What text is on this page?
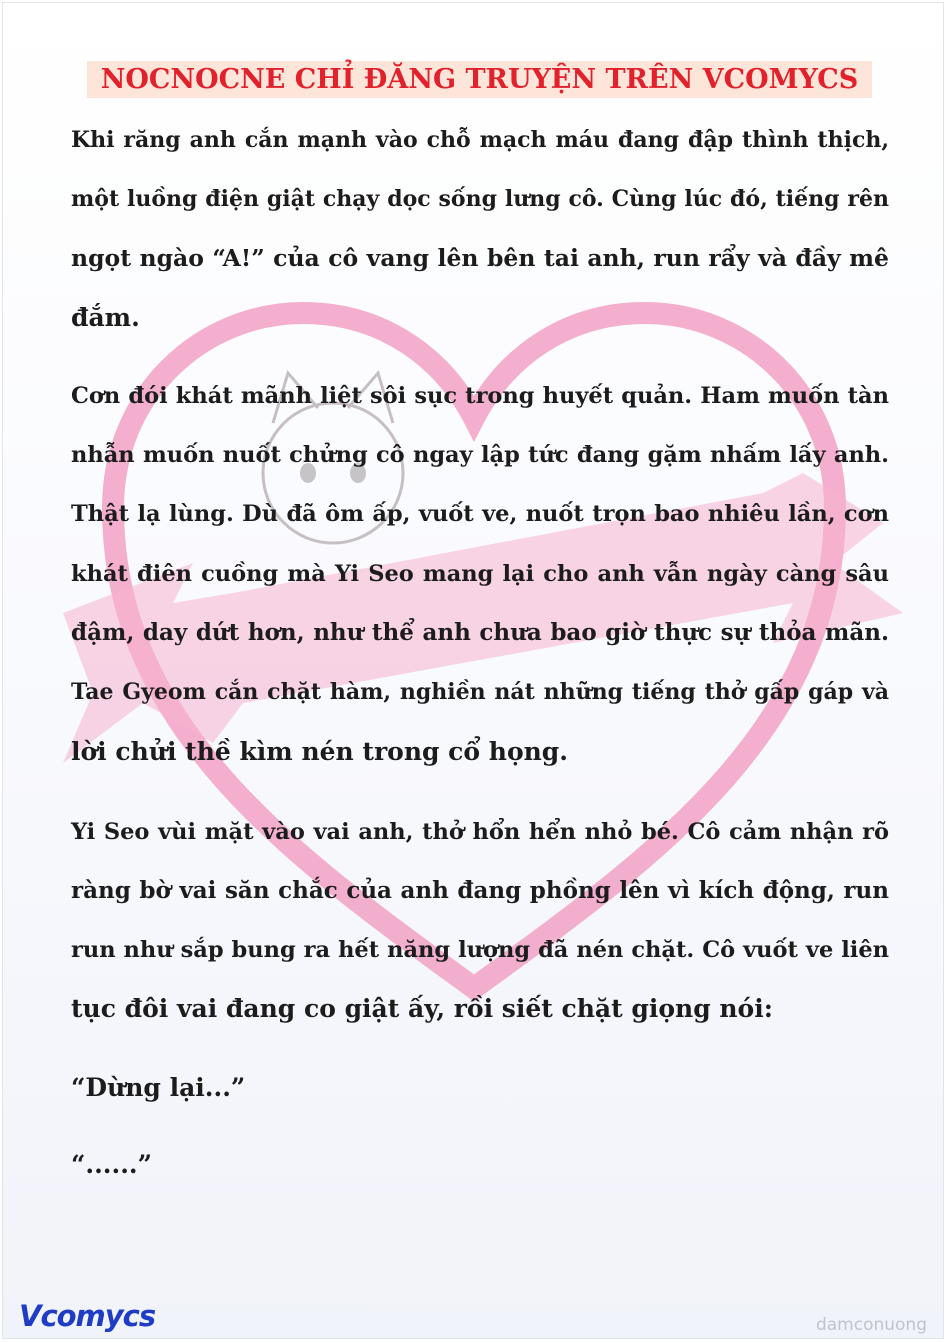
NOCNOCNE CHỈ ĐĂNG TRUYỆN TRÊN VCOMYCS
Khi răng anh cắn mạnh vào chỗ mạch máu đang đập thình thịch,
một luồng điện giật chạy dọc sống lưng cô. Cùng lúc đó, tiếng rên
ngọt ngào “A!” của cô vang lên bên tai anh, run rẩy và đầy mê
đắm.
Cơn đói khát mãnh liệt sôi sục trong huyết quản. Ham muốn tàn
nhẫn muốn nuốt chửng cô ngay lập tức đang gặm nhấm lấy anh.
Thật lạ lùng. Dù đã ôm ấp, vuốt ve, nuốt trọn bao nhiêu lần, cơn
khát điên cuồng mà Yi Seo mang lại cho anh vẫn ngày càng sâu
đậm, day dứt hơn, như thể anh chưa bao giờ thực sự thỏa mãn.
Tae Gyeom cắn chặt hàm, nghiền nát những tiếng thở gấp gáp và
lời chửi thề kìm nén trong cổ họng.
Yi Seo vùi mặt vào vai anh, thở hổn hển nhỏ bé. Cô cảm nhận rõ
ràng bờ vai săn chắc của anh đang phồng lên vì kích động, run
run như sắp bung ra hết năng lượng đã nén chặt. Cô vuốt ve liên
tục đôi vai đang co giật ấy, rồi siết chặt giọng nói:
“Dừng lại...”
“......”
Vcomycs	damconuong
